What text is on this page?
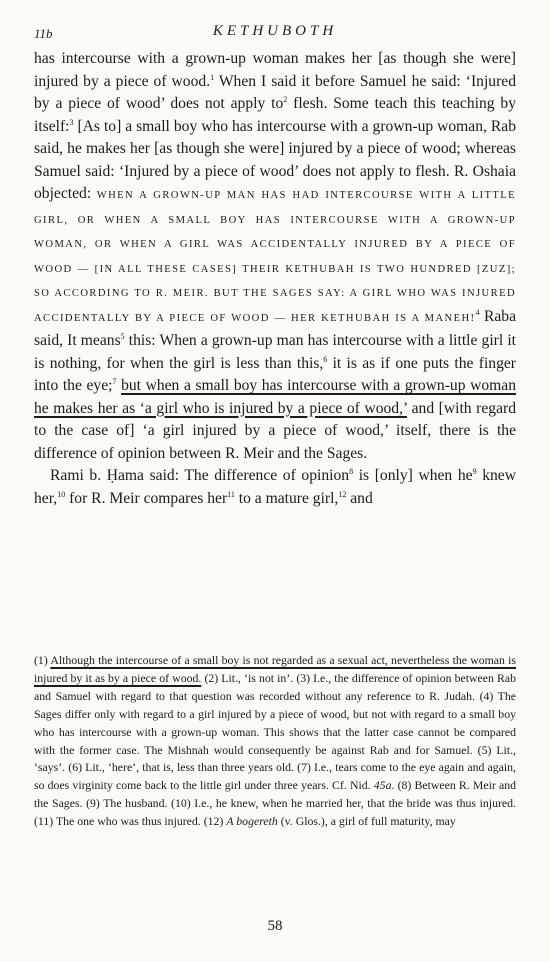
11b	KETHUBOTH

has intercourse with a grown-up woman makes her [as though she were] injured by a piece of wood.$^1$ When I said it before Samuel he said: ‘Injured by a piece of wood’ does not apply $to^2$ flesh. Some teach this teaching by itself:$^3$ [As to] a small boy who has intercourse with a grown-up woman, Rab said, he makes her [as though she were] injured by a piece of wood; whereas Samuel said: ‘Injured by a piece of wood’ does not apply to flesh. R. Oshaia objected: WHEN A GROWN-UP MAN HAS HAD INTERCOURSE WITH A LITTLE GIRL, OR WHEN A SMALL BOY HAS INTERCOURSE WITH A GROWN-UP WOMAN, OR WHEN A GIRL WAS ACCIDENTALLY INJURED BY A PIECE OF WOOD — [IN ALL THESE CASES] THEIR KETHUBAH IS TWO HUNDRED [ZUZ]; SO ACCORDING TO R. MEIR. BUT THE SAGES SAY: A GIRL WHO WAS INJURED ACCIDENTALLY BY A PIECE OF WOOD — HER KETHUBAH IS A MANEH!$^4$ Raba said, It means$^5$ this: When a grown-up man has intercourse with a little girl it is nothing, for when the girl is less than this,$^6$ it is as if one puts the finger into the eye;$^7$ but when a small boy has intercourse with a grown-up woman he makes her as ‘a girl who is injured by a piece of wood,’ and [with regard to the case of] ‘a girl injured by a piece of wood,’ itself, there is the difference of opinion between R. Meir and the Sages.

Rami b. Ḥama said: The difference of opinion$^8$ is [only] when $he^9$ knew her,$^{10}$ for R. Meir compares her$^{11}$ to a mature girl,$^{12}$ and

(1) Although the intercourse of a small boy is not regarded as a sexual act, nevertheless the woman is injured by it as by a piece of wood. (2) Lit., ‘is not in’. (3) I.e., the difference of opinion between Rab and Samuel with regard to that question was recorded without any reference to R. Judah. (4) The Sages differ only with regard to a girl injured by a piece of wood, but not with regard to a small boy who has intercourse with a grown-up woman. This shows that the latter case cannot be compared with the former case. The Mishnah would consequently be against Rab and for Samuel. (5) Lit., ‘says’. (6) Lit., ‘here’, that is, less than three years old. (7) I.e., tears come to the eye again and again, so does virginity come back to the little girl under three years. Cf. Nid. 45a. (8) Between R. Meir and the Sages. (9) The husband. (10) I.e., he knew, when he married her, that the bride was thus injured. (11) The one who was thus injured. (12) A bogereth (v. Glos.), a girl of full maturity, may

58
